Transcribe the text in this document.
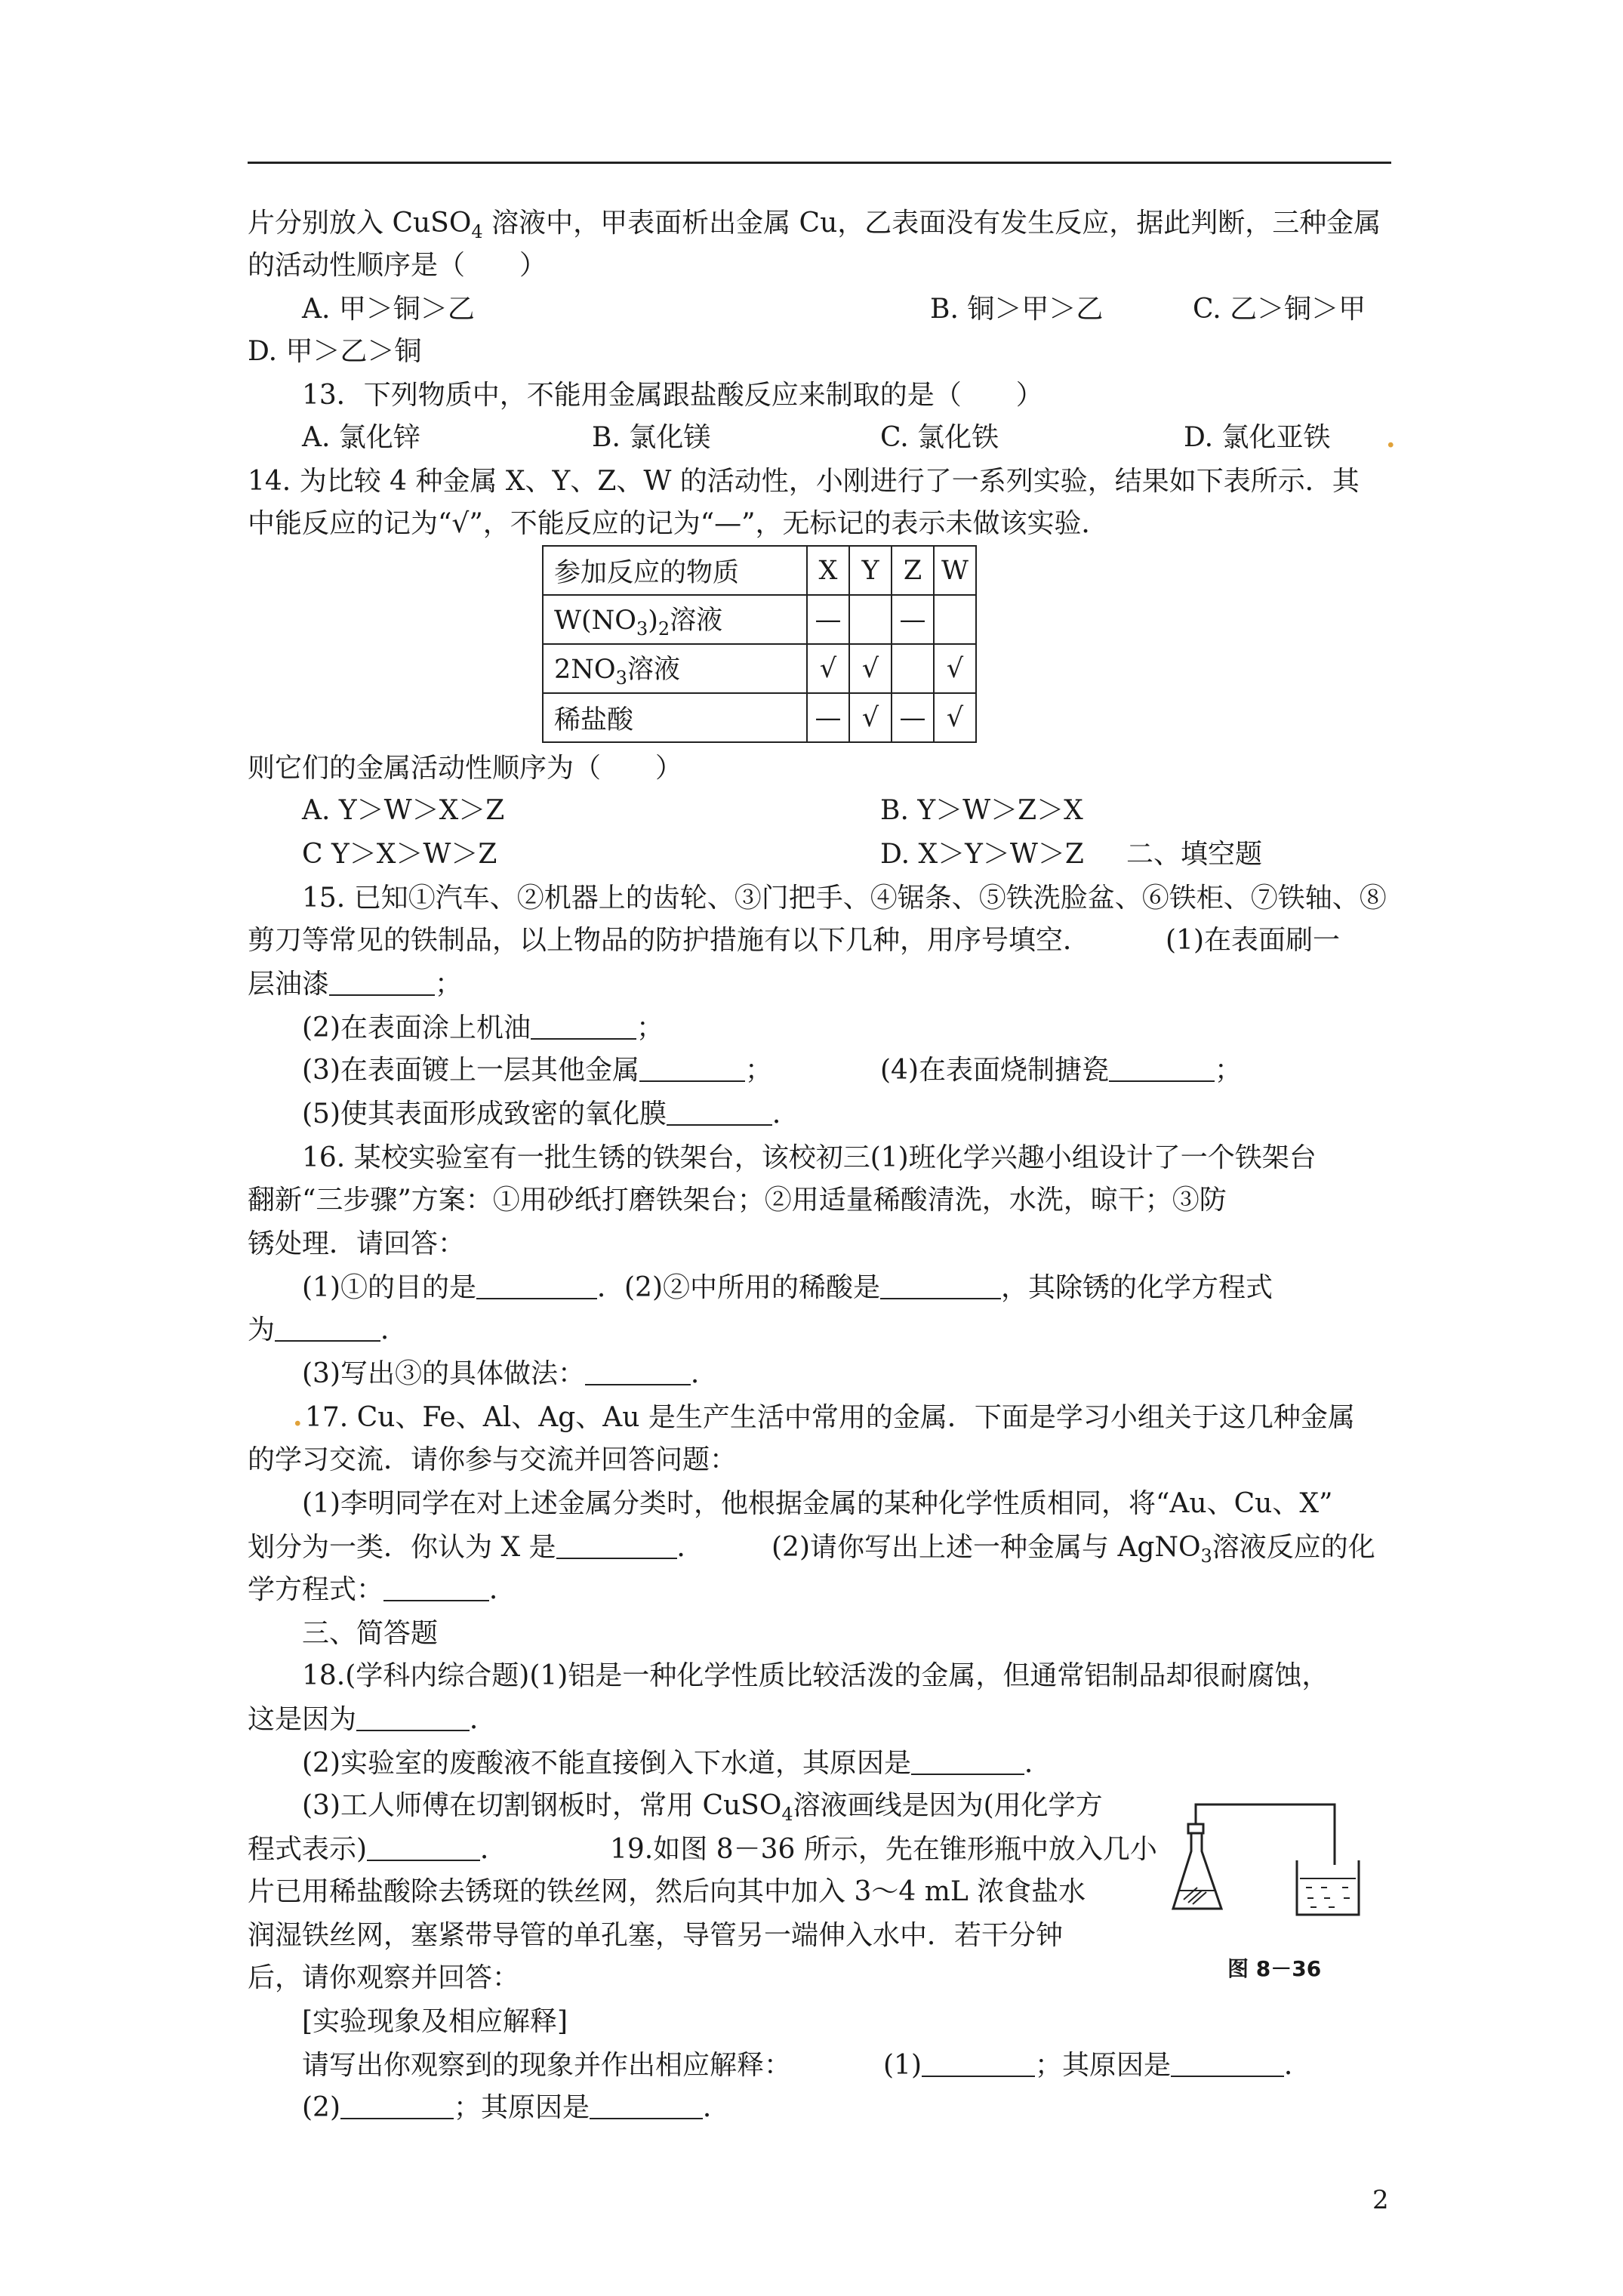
片分别放入 CuSO$_4$ 溶液中，甲表面析出金属 Cu，乙表面没有发生反应，据此判断，三种金属
的活动性顺序是（　　）
A. 甲＞铜＞乙	B. 铜＞甲＞乙	C. 乙＞铜＞甲
D. 甲＞乙＞铜
13．下列物质中，不能用金属跟盐酸反应来制取的是（　　）
A. 氯化锌	B. 氯化镁	C. 氯化铁	D. 氯化亚铁 .
14. 为比较 4 种金属 X、Y、Z、W 的活动性，小刚进行了一系列实验，结果如下表所示．其
中能反应的记为“√”，不能反应的记为“—”，无标记的表示未做该实验．
参加反应的物质	X	Y	Z	W
$W(NO_3)_2$溶液	—		—	
$2NO_3$溶液	√	√		√
稀盐酸	—	√	—	√
则它们的金属活动性顺序为（　　）
A. Y＞W＞X＞Z	B. Y＞W＞Z＞X
C Y＞X＞W＞Z	D. X＞Y＞W＞Z 二、填空题
15. 已知①汽车、②机器上的齿轮、③门把手、④锯条、⑤铁洗脸盆、⑥铁柜、⑦铁轴、⑧
剪刀等常见的铁制品，以上物品的防护措施有以下几种，用序号填空．	(1)在表面刷一
层油漆	；
(2)在表面涂上机油	；
(3)在表面镀上一层其他金属	；	(4)在表面烧制搪瓷	；
(5)使其表面形成致密的氧化膜	．
16. 某校实验室有一批生锈的铁架台，该校初三(1)班化学兴趣小组设计了一个铁架台
翻新“三步骤”方案：①用砂纸打磨铁架台；②用适量稀酸清洗，水洗，晾干；③防
锈处理．请回答：
(1)①的目的是	．(2)②中所用的稀酸是	，其除锈的化学方程式
为	．
(3)写出③的具体做法：	．
. 17. Cu、Fe、Al、Ag、Au 是生产生活中常用的金属．下面是学习小组关于这几种金属
的学习交流．请你参与交流并回答问题：
(1)李明同学在对上述金属分类时，他根据金属的某种化学性质相同，将“Au、Cu、X”
划分为一类．你认为 X 是	． (2)请你写出上述一种金属与 AgNO$_3$溶液反应的化
学方程式：	．
三、简答题
18.(学科内综合题)(1)铝是一种化学性质比较活泼的金属，但通常铝制品却很耐腐蚀，
这是因为	．
(2)实验室的废酸液不能直接倒入下水道，其原因是	．
(3)工人师傅在切割钢板时，常用 CuSO$_4$溶液画线是因为(用化学方
程式表示)	．	19.如图 8－36 所示，先在锥形瓶中放入几小
片已用稀盐酸除去锈斑的铁丝网，然后向其中加入 3～4 mL 浓食盐水
润湿铁丝网，塞紧带导管的单孔塞，导管另一端伸入水中．若干分钟
后，请你观察并回答：
[实验现象及相应解释]
请写出你观察到的现象并作出相应解释：	(1)	；其原因是	．
(2)	；其原因是	．
图 8－36
2
